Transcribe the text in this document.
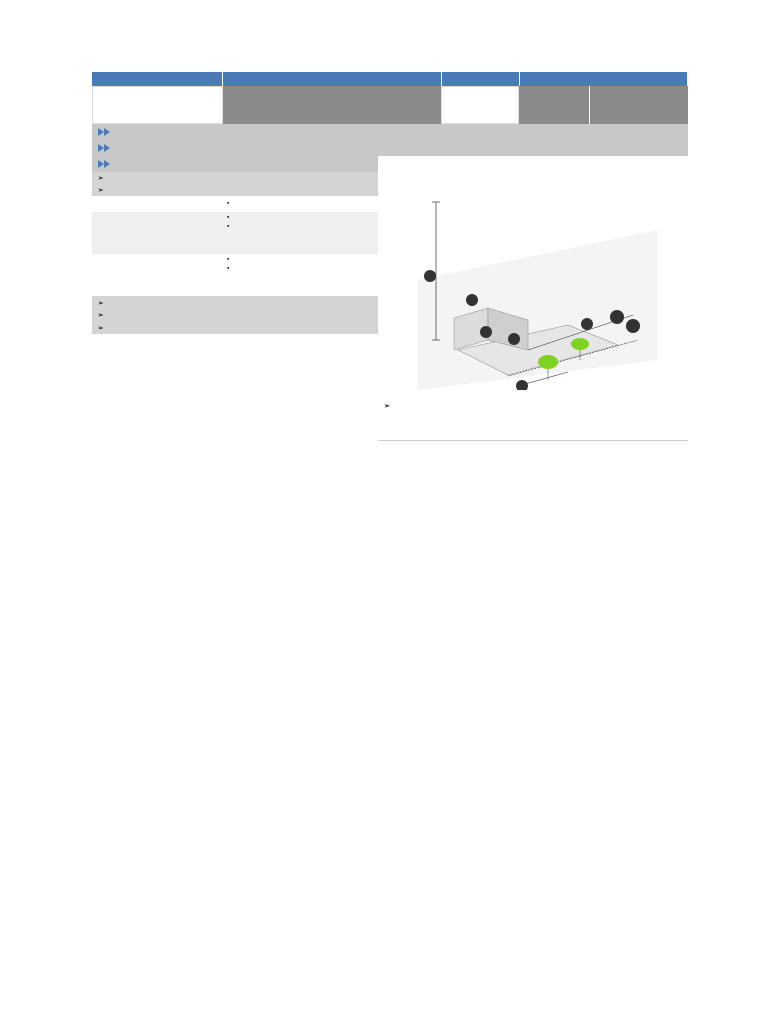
➢
➢
▪
▪
▪
▪
▪
➢
➢
➢
➢
